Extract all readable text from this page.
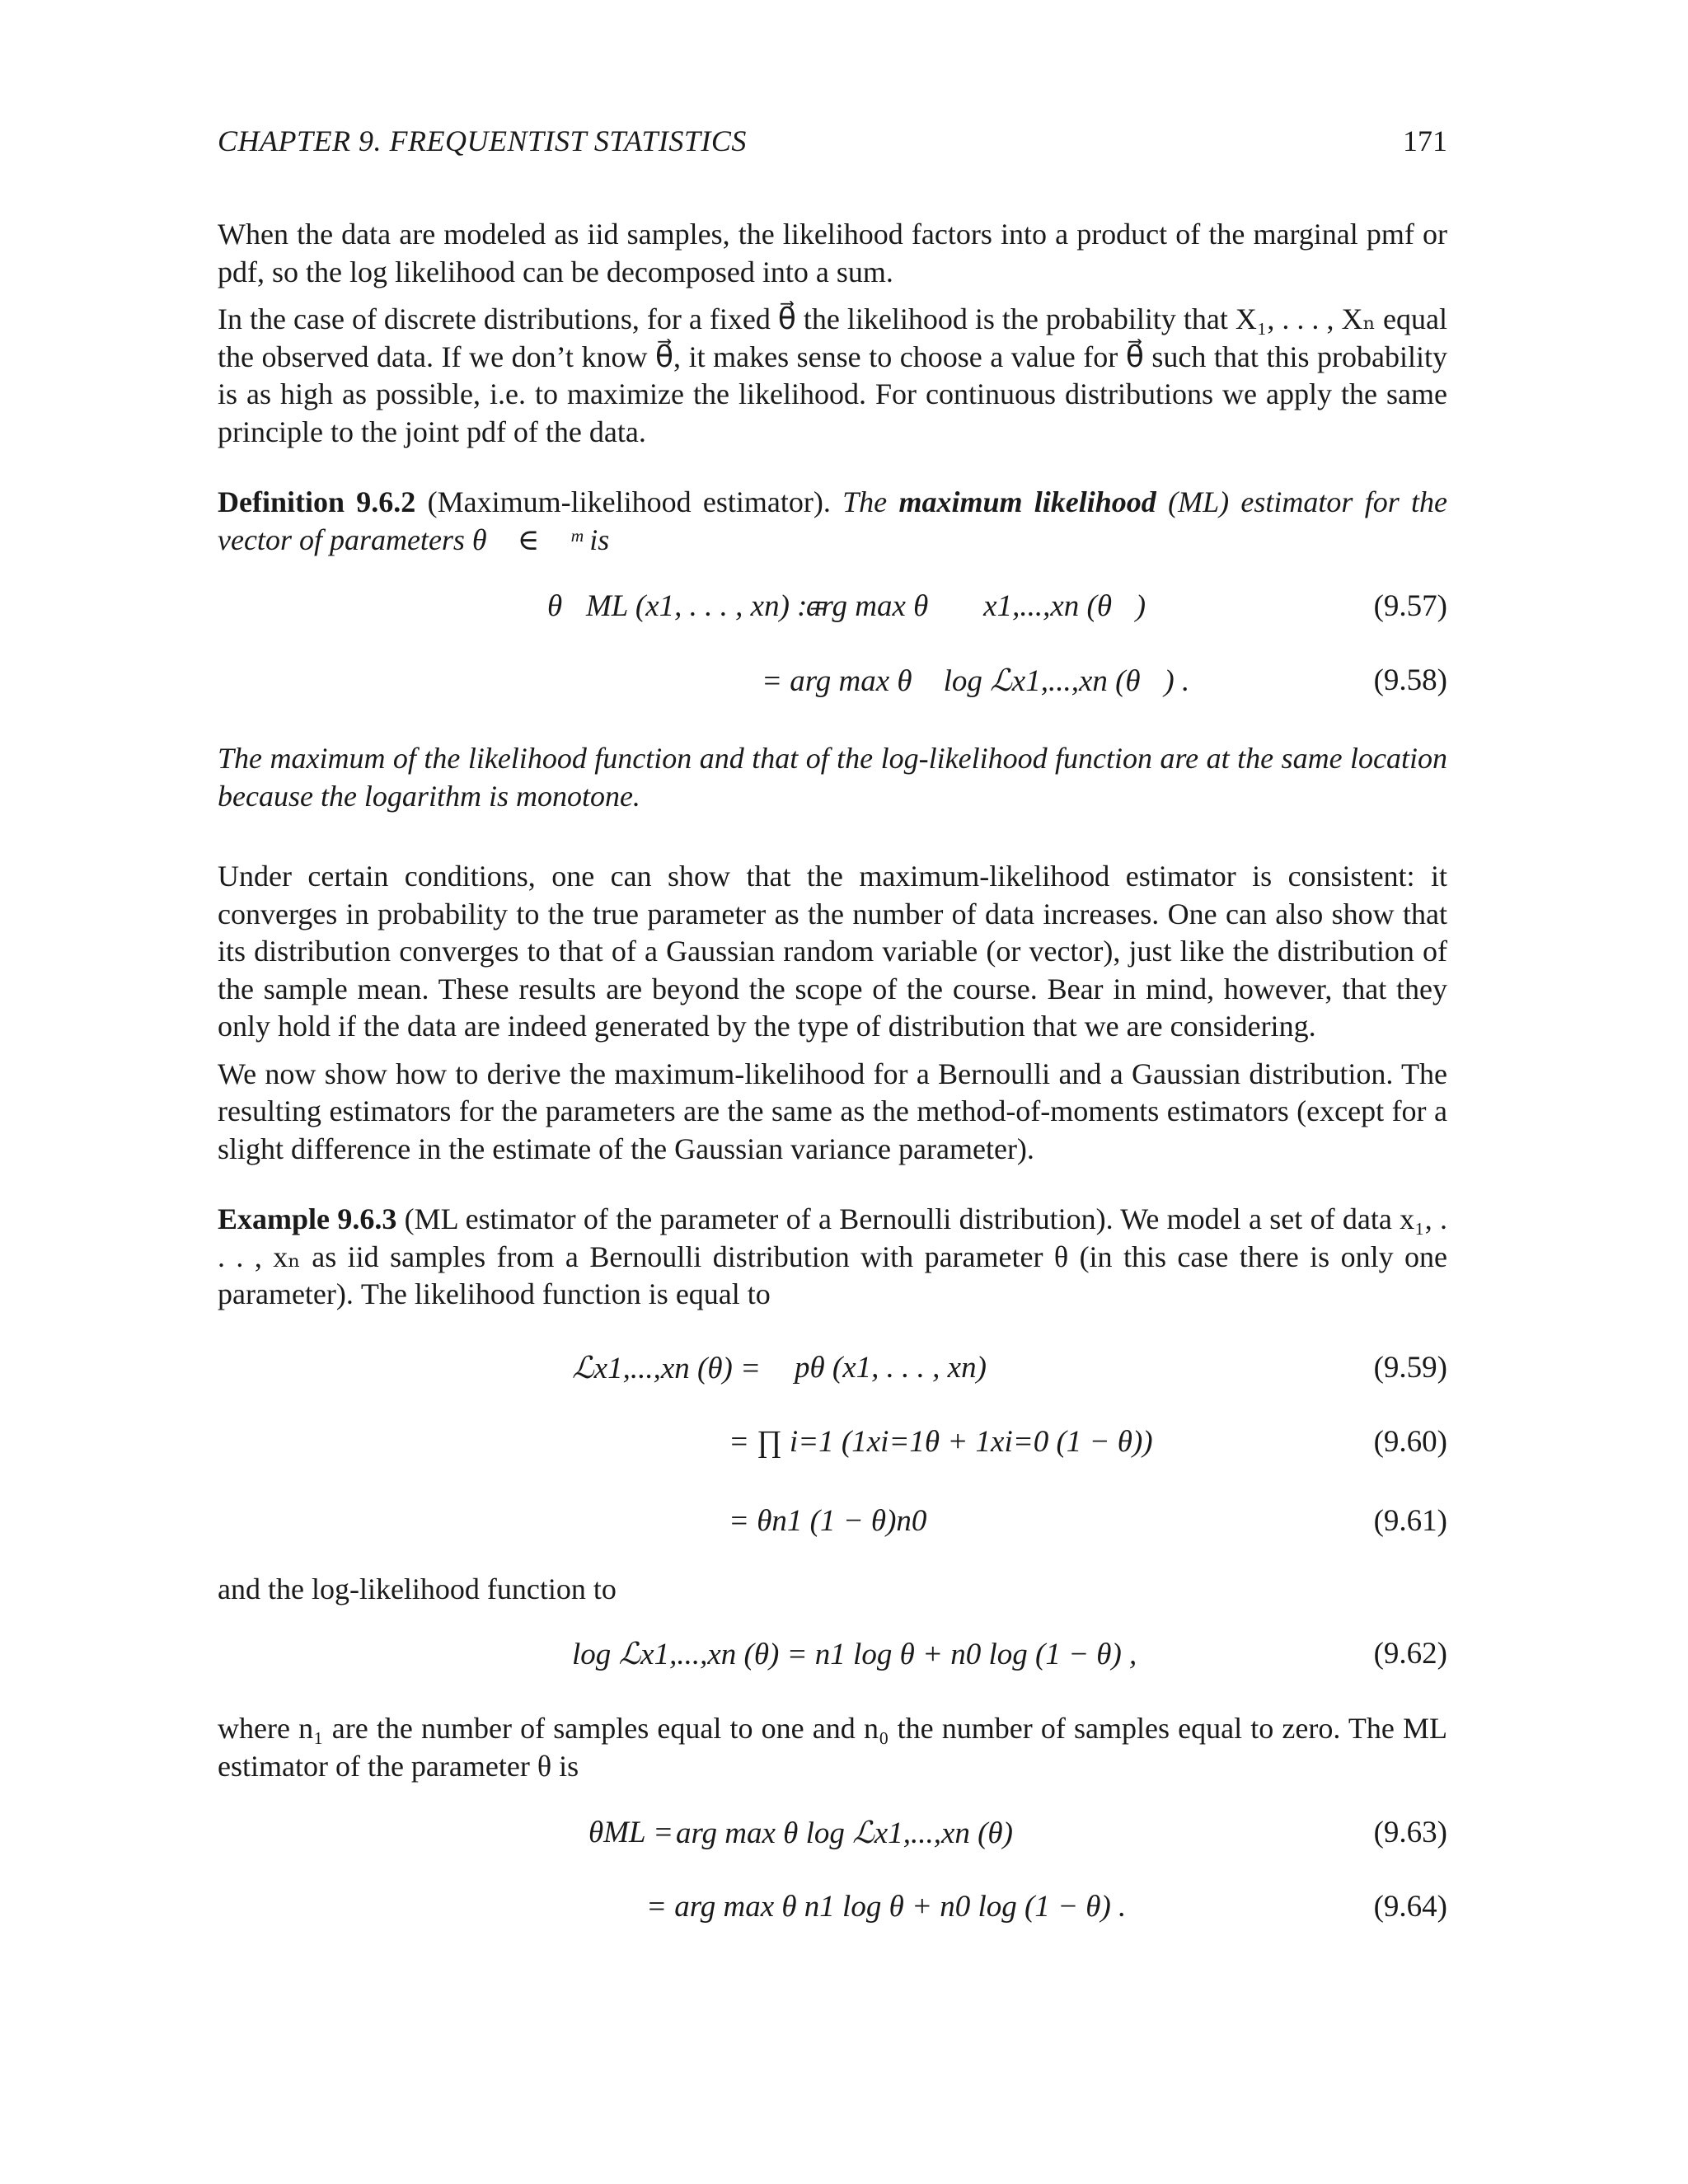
CHAPTER 9. FREQUENTIST STATISTICS	171

When the data are modeled as iid samples, the likelihood factors into a product of the marginal pmf or pdf, so the log likelihood can be decomposed into a sum.

In the case of discrete distributions, for a fixed θ⃗ the likelihood is the probability that X₁, . . . , Xₙ equal the observed data. If we don’t know θ⃗, it makes sense to choose a value for θ⃗ such that this probability is as high as possible, i.e. to maximize the likelihood. For continuous distributions we apply the same principle to the joint pdf of the data.

Definition 9.6.2 (Maximum-likelihood estimator). The maximum likelihood (ML) estimator for the vector of parameters θ⃗ ∈ ℝᵐ is

θ⃗ML (x1, . . . , xn) :=
arg max θ⃗ ℒx1,...,xn (θ⃗)	(9.57)
= arg max θ⃗ log ℒx1,...,xn (θ⃗) .	(9.58)

The maximum of the likelihood function and that of the log-likelihood function are at the same location because the logarithm is monotone.

Under certain conditions, one can show that the maximum-likelihood estimator is consistent: it converges in probability to the true parameter as the number of data increases. One can also show that its distribution converges to that of a Gaussian random variable (or vector), just like the distribution of the sample mean. These results are beyond the scope of the course. Bear in mind, however, that they only hold if the data are indeed generated by the type of distribution that we are considering.

We now show how to derive the maximum-likelihood for a Bernoulli and a Gaussian distribution. The resulting estimators for the parameters are the same as the method-of-moments estimators (except for a slight difference in the estimate of the Gaussian variance parameter).

Example 9.6.3 (ML estimator of the parameter of a Bernoulli distribution). We model a set of data x₁, . . . , xₙ as iid samples from a Bernoulli distribution with parameter θ (in this case there is only one parameter). The likelihood function is equal to

ℒx1,...,xn (θ) = pθ (x1, . . . , xn)	(9.59)
= ∏ i=1 (1xi=1θ + 1xi=0 (1 − θ))	(9.60)
= θn1 (1 − θ)n0	(9.61)

and the log-likelihood function to

log ℒx1,...,xn (θ) = n1 log θ + n0 log (1 − θ) ,	(9.62)

where n₁ are the number of samples equal to one and n₀ the number of samples equal to zero. The ML estimator of the parameter θ is

θML = arg max θ log ℒx1,...,xn (θ)	(9.63)
= arg max θ n1 log θ + n0 log (1 − θ) .	(9.64)
